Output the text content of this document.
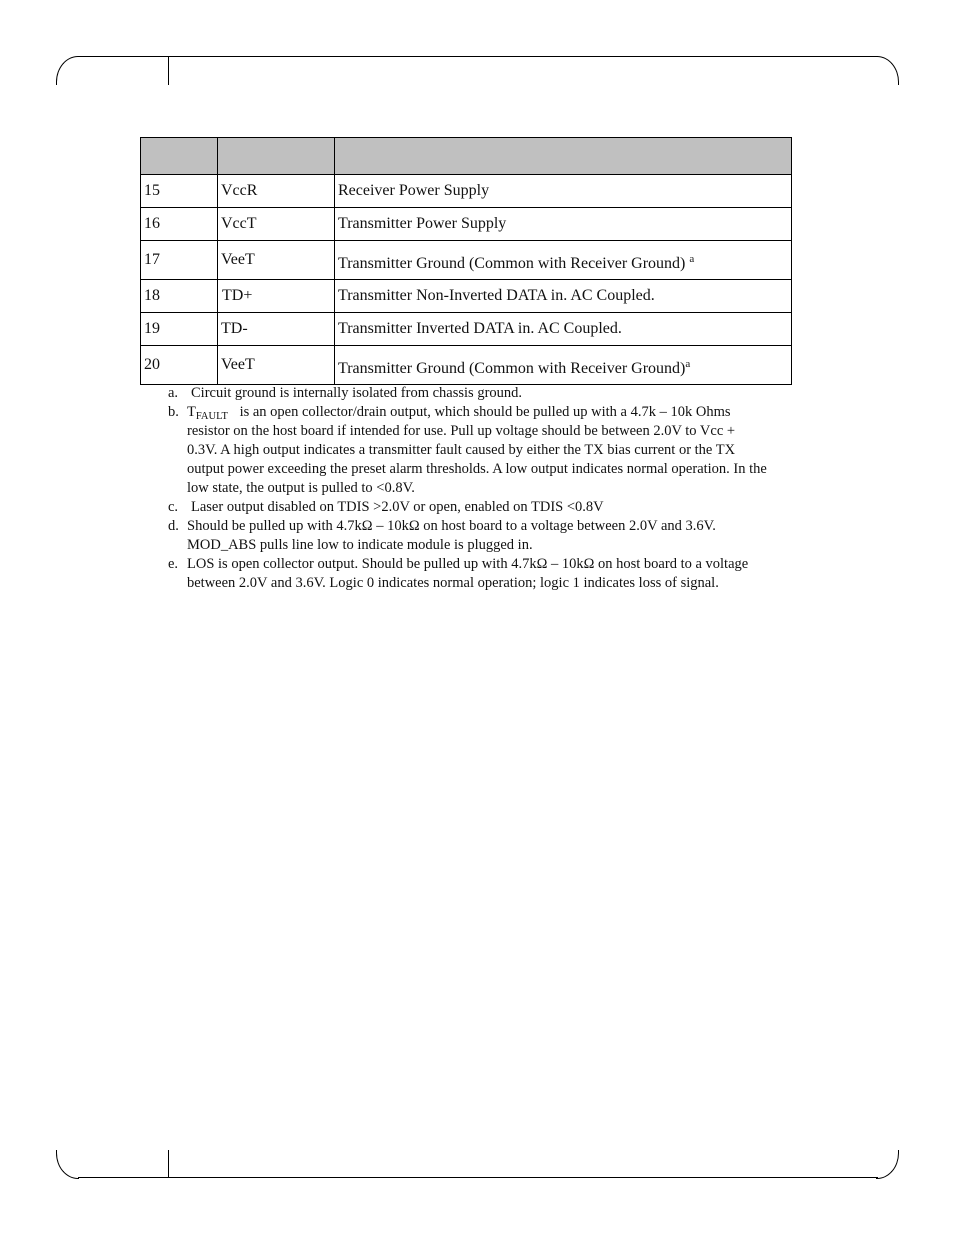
15	VccR	Receiver Power Supply
16	VccT	Transmitter Power Supply
17	VeeT	Transmitter Ground (Common with Receiver Ground) $^a$
18	TD+	Transmitter Non-Inverted DATA in. AC Coupled.
19	TD-	Transmitter Inverted DATA in. AC Coupled.
20	VeeT	Transmitter Ground (Common with Receiver Ground)$^a$
a. Circuit ground is internally isolated from chassis ground.
b. $T_{FAULT}$ is an open collector/drain output, which should be pulled up with a 4.7k – 10k Ohms resistor on the host board if intended for use. Pull up voltage should be between 2.0V to Vcc + 0.3V. A high output indicates a transmitter fault caused by either the TX bias current or the TX output power exceeding the preset alarm thresholds. A low output indicates normal operation. In the low state, the output is pulled to <0.8V.
c. Laser output disabled on TDIS >2.0V or open, enabled on TDIS <0.8V
d. Should be pulled up with 4.7kΩ – 10kΩ on host board to a voltage between 2.0V and 3.6V. MOD_ABS pulls line low to indicate module is plugged in.
e. LOS is open collector output. Should be pulled up with 4.7kΩ – 10kΩ on host board to a voltage between 2.0V and 3.6V. Logic 0 indicates normal operation; logic 1 indicates loss of signal.
